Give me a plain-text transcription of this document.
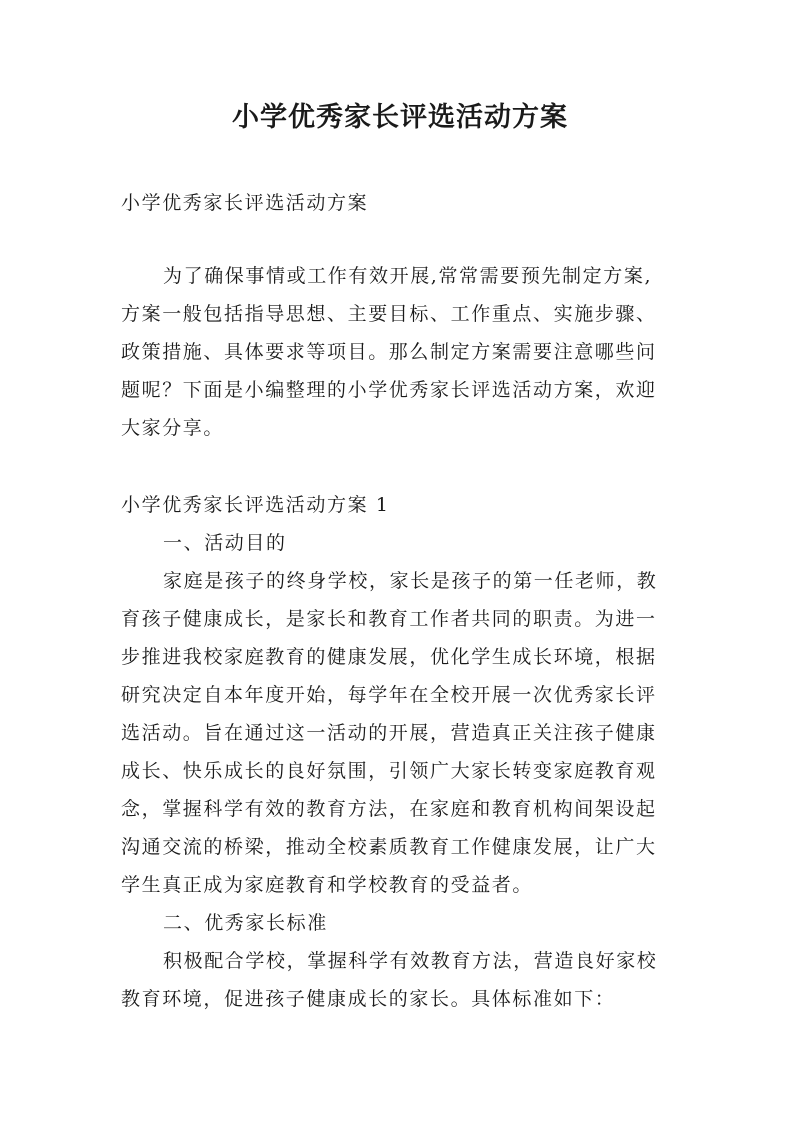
小学优秀家长评选活动方案

小学优秀家长评选活动方案

为了确保事情或工作有效开展,常常需要预先制定方案,

方案一般包括指导思想、主要目标、工作重点、实施步骤、

政策措施、具体要求等项目。那么制定方案需要注意哪些问

题呢？下面是小编整理的小学优秀家长评选活动方案，欢迎

大家分享。

小学优秀家长评选活动方案 1

一、活动目的

家庭是孩子的终身学校，家长是孩子的第一任老师，教

育孩子健康成长，是家长和教育工作者共同的职责。为进一

步推进我校家庭教育的健康发展，优化学生成长环境，根据

研究决定自本年度开始，每学年在全校开展一次优秀家长评

选活动。旨在通过这一活动的开展，营造真正关注孩子健康

成长、快乐成长的良好氛围，引领广大家长转变家庭教育观

念，掌握科学有效的教育方法，在家庭和教育机构间架设起

沟通交流的桥梁，推动全校素质教育工作健康发展，让广大

学生真正成为家庭教育和学校教育的受益者。

二、优秀家长标准

积极配合学校，掌握科学有效教育方法，营造良好家校

教育环境，促进孩子健康成长的家长。具体标准如下：
